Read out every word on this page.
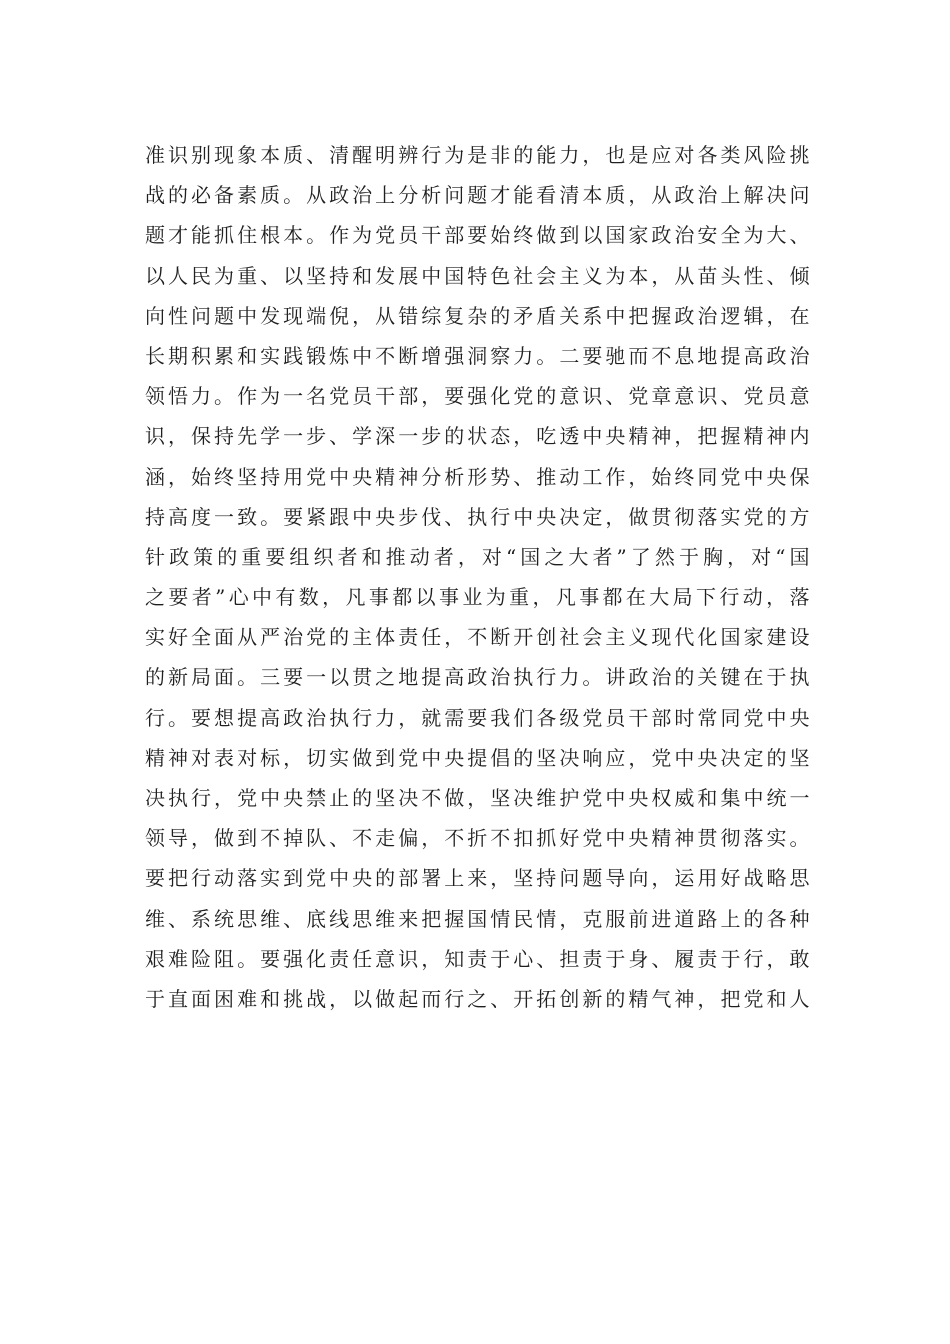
准识别现象本质、清醒明辨行为是非的能力，也是应对各类风险挑
战的必备素质。从政治上分析问题才能看清本质，从政治上解决问
题才能抓住根本。作为党员干部要始终做到以国家政治安全为大、
以人民为重、以坚持和发展中国特色社会主义为本，从苗头性、倾
向性问题中发现端倪，从错综复杂的矛盾关系中把握政治逻辑，在
长期积累和实践锻炼中不断增强洞察力。二要驰而不息地提高政治
领悟力。作为一名党员干部，要强化党的意识、党章意识、党员意
识，保持先学一步、学深一步的状态，吃透中央精神，把握精神内
涵，始终坚持用党中央精神分析形势、推动工作，始终同党中央保
持高度一致。要紧跟中央步伐、执行中央决定，做贯彻落实党的方
针政策的重要组织者和推动者，对“国之大者”了然于胸，对“国
之要者”心中有数，凡事都以事业为重，凡事都在大局下行动，落
实好全面从严治党的主体责任，不断开创社会主义现代化国家建设
的新局面。三要一以贯之地提高政治执行力。讲政治的关键在于执
行。要想提高政治执行力，就需要我们各级党员干部时常同党中央
精神对表对标，切实做到党中央提倡的坚决响应，党中央决定的坚
决执行，党中央禁止的坚决不做，坚决维护党中央权威和集中统一
领导，做到不掉队、不走偏，不折不扣抓好党中央精神贯彻落实。
要把行动落实到党中央的部署上来，坚持问题导向，运用好战略思
维、系统思维、底线思维来把握国情民情，克服前进道路上的各种
艰难险阻。要强化责任意识，知责于心、担责于身、履责于行，敢
于直面困难和挑战，以做起而行之、开拓创新的精气神，把党和人
